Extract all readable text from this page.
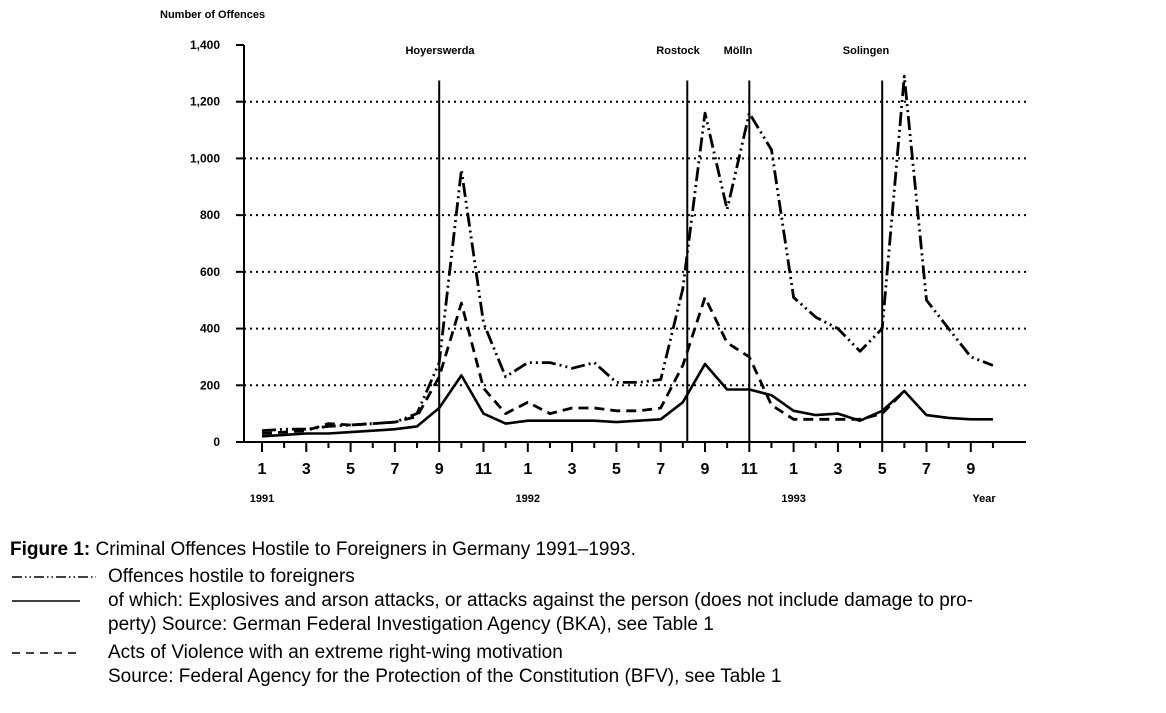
0
200
400
600
800
1,000
1,200
1,400
1 3 5 7 9 11 1 3 5 7 9 11 1 3 5 7 9
1991	1992	1993
Hoyerswerda	Rostock Mölln	Solingen
Number of Offences
Year
Figure 1: Criminal Offences Hostile to Foreigners in Germany 1991–1993.
Offences hostile to foreigners
of which: Explosives and arson attacks, or attacks against the person (does not include damage to pro-
perty) Source: German Federal Investigation Agency (BKA), see Table 1
Acts of Violence with an extreme right-wing motivation
Source: Federal Agency for the Protection of the Constitution (BFV), see Table 1
